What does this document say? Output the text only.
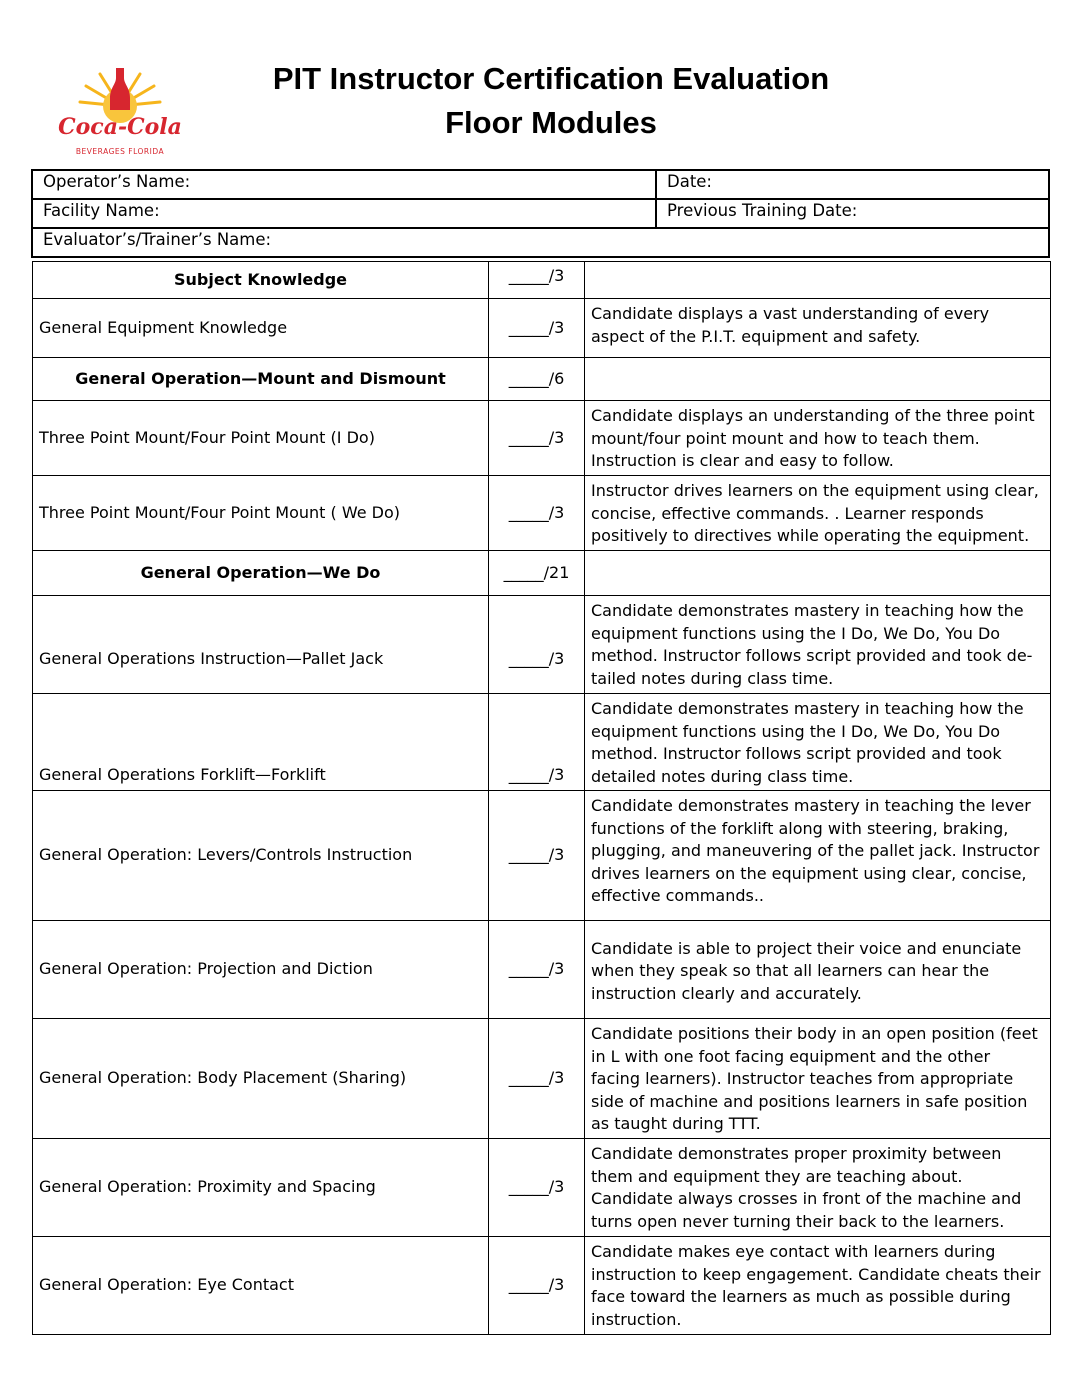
Coca-Cola
BEVERAGES FLORIDA
PIT Instructor Certification Evaluation
Floor Modules
Operator’s Name:	Date:
Facility Name:	Previous Training Date:
Evaluator’s/Trainer’s Name:	
Subject Knowledge	_____/3	
General Equipment Knowledge	_____/3	Candidate displays a vast understanding of every aspect of the P.I.T. equipment and safety.
General Operation—Mount and Dismount	_____/6	
Three Point Mount/Four Point Mount (I Do)	_____/3	Candidate displays an understanding of the three point mount/four point mount and how to teach them. Instruction is clear and easy to follow.
Three Point Mount/Four Point Mount ( We Do)	_____/3	Instructor drives learners on the equipment using clear, concise, effective commands. . Learner responds positively to directives while operating the equipment.
General Operation—We Do	_____/21	
General Operations Instruction—Pallet Jack	_____/3	Candidate demonstrates mastery in teaching how the equipment functions using the I Do, We Do, You Do method. Instructor follows script provided and took de-tailed notes during class time.
General Operations Forklift—Forklift	_____/3	Candidate demonstrates mastery in teaching how the equipment functions using the I Do, We Do, You Do method. Instructor follows script provided and took detailed notes during class time.
General Operation: Levers/Controls Instruction	_____/3	Candidate demonstrates mastery in teaching the lever functions of the forklift along with steering, braking, plugging, and maneuvering of the pallet jack. Instructor drives learners on the equipment using clear, concise, effective commands..
General Operation: Projection and Diction	_____/3	Candidate is able to project their voice and enunciate when they speak so that all learners can hear the instruction clearly and accurately.
General Operation: Body Placement (Sharing)	_____/3	Candidate positions their body in an open position (feet in L with one foot facing equipment and the other facing learners). Instructor teaches from appropriate side of machine and positions learners in safe position as taught during TTT.
General Operation: Proximity and Spacing	_____/3	Candidate demonstrates proper proximity between them and equipment they are teaching about. Candidate always crosses in front of the machine and turns open never turning their back to the learners.
General Operation: Eye Contact	_____/3	Candidate makes eye contact with learners during instruction to keep engagement. Candidate cheats their face toward the learners as much as possible during instruction.
